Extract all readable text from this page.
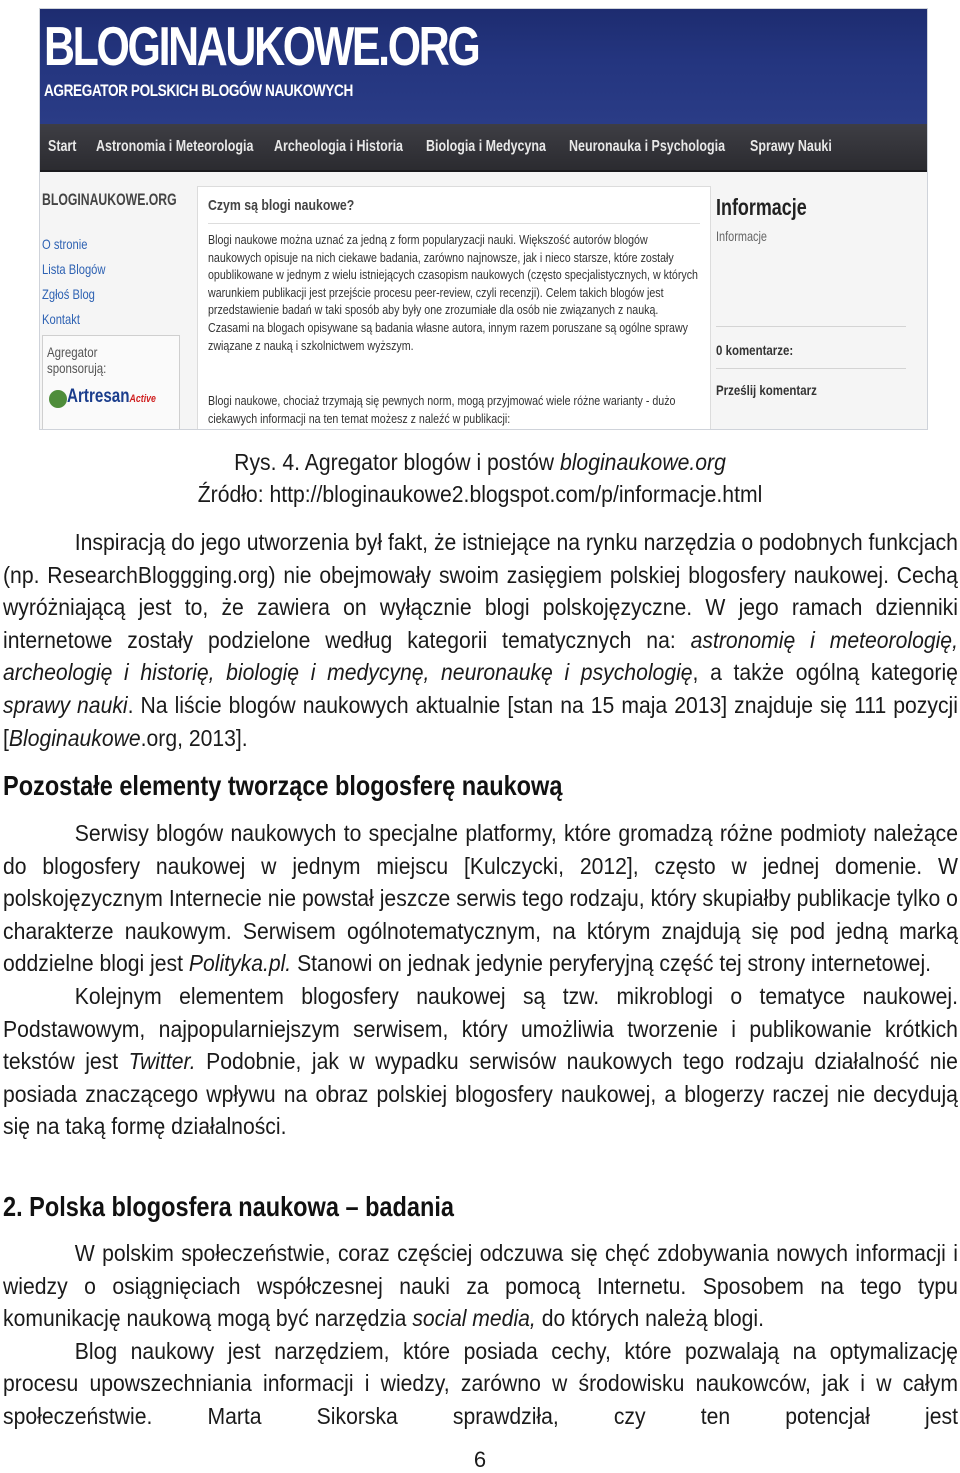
BLOGINAUKOWE.ORG
AGREGATOR POLSKICH BLOGÓW NAUKOWYCH
Start Astronomia i Meteorologia Archeologia i Historia Biologia i Medycyna Neuronauka i Psychologia Sprawy Nauki
BLOGINAUKOWE.ORG
O stronie
Lista Blogów
Zgłoś Blog
Kontakt
Agregator sponsorują:
ArtresanActive
Czym są blogi naukowe?
Blogi naukowe można uznać za jedną z form popularyzacji nauki. Większość autorów blogów naukowych opisuje na nich ciekawe badania, zarówno najnowsze, jak i nieco starsze, które zostały opublikowane w jednym z wielu istniejących czasopism naukowych (często specjalistycznych, w których warunkiem publikacji jest przejście procesu peer-review, czyli recenzji). Celem takich blogów jest przedstawienie badań w taki sposób aby były one zrozumiałe dla osób nie związanych z nauką. Czasami na blogach opisywane są badania własne autora, innym razem poruszane są ogólne sprawy związane z nauką i szkolnictwem wyższym.
Blogi naukowe, chociaż trzymają się pewnych norm, mogą przyjmować wiele różne warianty - dużo ciekawych informacji na ten temat możesz z naleźć w publikacji:
Informacje
Informacje
0 komentarze:
Prześlij komentarz
Rys. 4. Agregator blogów i postów bloginaukowe.org
Źródło: http://bloginaukowe2.blogspot.com/p/informacje.html

Inspiracją do jego utworzenia był fakt, że istniejące na rynku narzędzia o podobnych funkcjach (np. ResearchBloggging.org) nie obejmowały swoim zasięgiem polskiej blogosfery naukowej. Cechą wyróżniającą jest to, że zawiera on wyłącznie blogi polskojęzyczne. W jego ramach dzienniki internetowe zostały podzielone według kategorii tematycznych na: astronomię i meteorologię, archeologię i historię, biologię i medycynę, neuronaukę i psychologię, a także ogólną kategorię sprawy nauki. Na liście blogów naukowych aktualnie [stan na 15 maja 2013] znajduje się 111 pozycji [Bloginaukowe.org, 2013].

Pozostałe elementy tworzące blogosferę naukową

Serwisy blogów naukowych to specjalne platformy, które gromadzą różne podmioty należące do blogosfery naukowej w jednym miejscu [Kulczycki, 2012], często w jednej domenie. W polskojęzycznym Internecie nie powstał jeszcze serwis tego rodzaju, który skupiałby publikacje tylko o charakterze naukowym. Serwisem ogólnotematycznym, na którym znajdują się pod jedną marką oddzielne blogi jest Polityka.pl. Stanowi on jednak jedynie peryferyjną część tej strony internetowej.

Kolejnym elementem blogosfery naukowej są tzw. mikroblogi o tematyce naukowej. Podstawowym, najpopularniejszym serwisem, który umożliwia tworzenie i publikowanie krótkich tekstów jest Twitter. Podobnie, jak w wypadku serwisów naukowych tego rodzaju działalność nie posiada znaczącego wpływu na obraz polskiej blogosfery naukowej, a blogerzy raczej nie decydują się na taką formę działalności.

2. Polska blogosfera naukowa – badania

W polskim społeczeństwie, coraz częściej odczuwa się chęć zdobywania nowych informacji i wiedzy o osiągnięciach współczesnej nauki za pomocą Internetu. Sposobem na tego typu komunikację naukową mogą być narzędzia social media, do których należą blogi.

Blog naukowy jest narzędziem, które posiada cechy, które pozwalają na optymalizację procesu upowszechniania informacji i wiedzy, zarówno w środowisku naukowców, jak i w całym społeczeństwie. Marta Sikorska sprawdziła, czy ten potencjał jest

6
